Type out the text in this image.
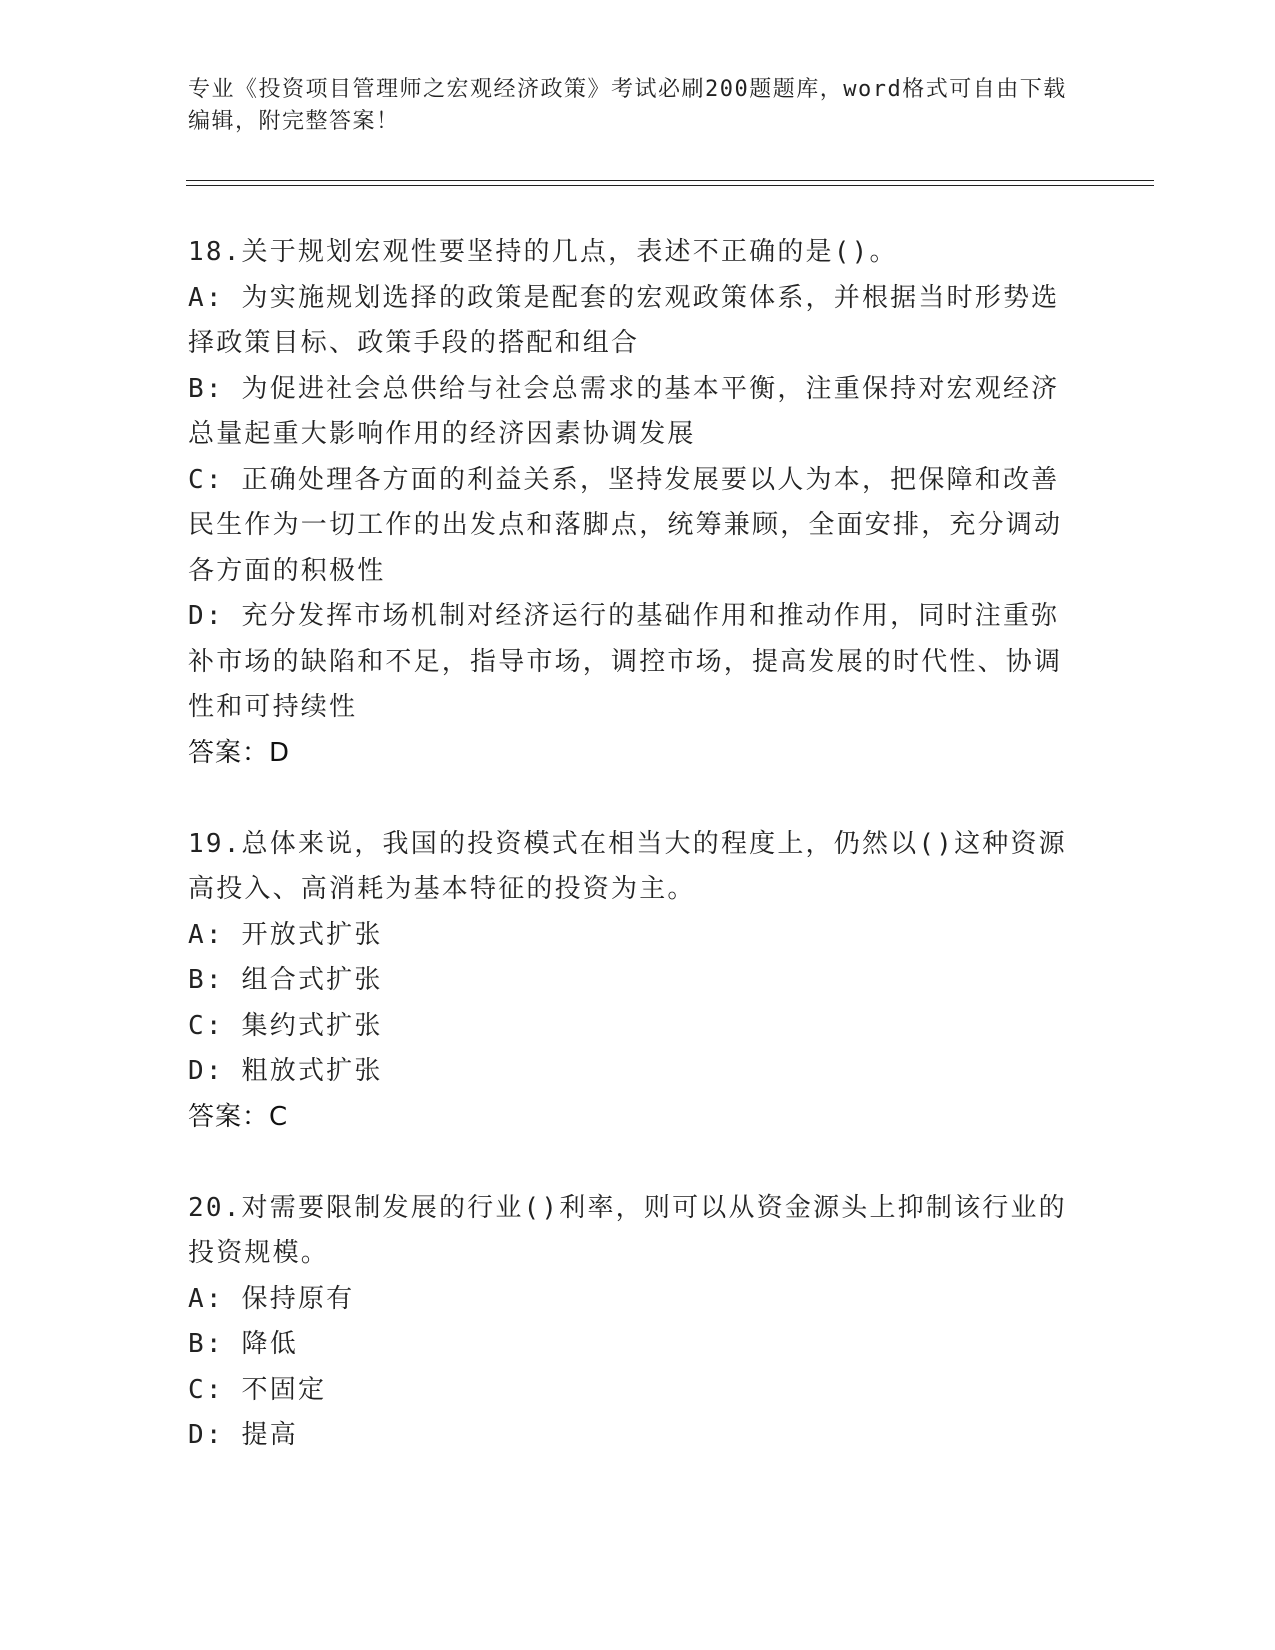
专业《投资项目管理师之宏观经济政策》考试必刷200题题库，word格式可自由下载编辑，附完整答案！

18.关于规划宏观性要坚持的几点，表述不正确的是()。

A: 为实施规划选择的政策是配套的宏观政策体系，并根据当时形势选择政策目标、政策手段的搭配和组合

B: 为促进社会总供给与社会总需求的基本平衡，注重保持对宏观经济总量起重大影响作用的经济因素协调发展

C: 正确处理各方面的利益关系，坚持发展要以人为本，把保障和改善民生作为一切工作的出发点和落脚点，统筹兼顾，全面安排，充分调动各方面的积极性

D: 充分发挥市场机制对经济运行的基础作用和推动作用，同时注重弥补市场的缺陷和不足，指导市场，调控市场，提高发展的时代性、协调性和可持续性

答案：D

19.总体来说，我国的投资模式在相当大的程度上，仍然以()这种资源高投入、高消耗为基本特征的投资为主。

A: 开放式扩张

B: 组合式扩张

C: 集约式扩张

D: 粗放式扩张

答案：C

20.对需要限制发展的行业()利率，则可以从资金源头上抑制该行业的投资规模。

A: 保持原有

B: 降低

C: 不固定

D: 提高
